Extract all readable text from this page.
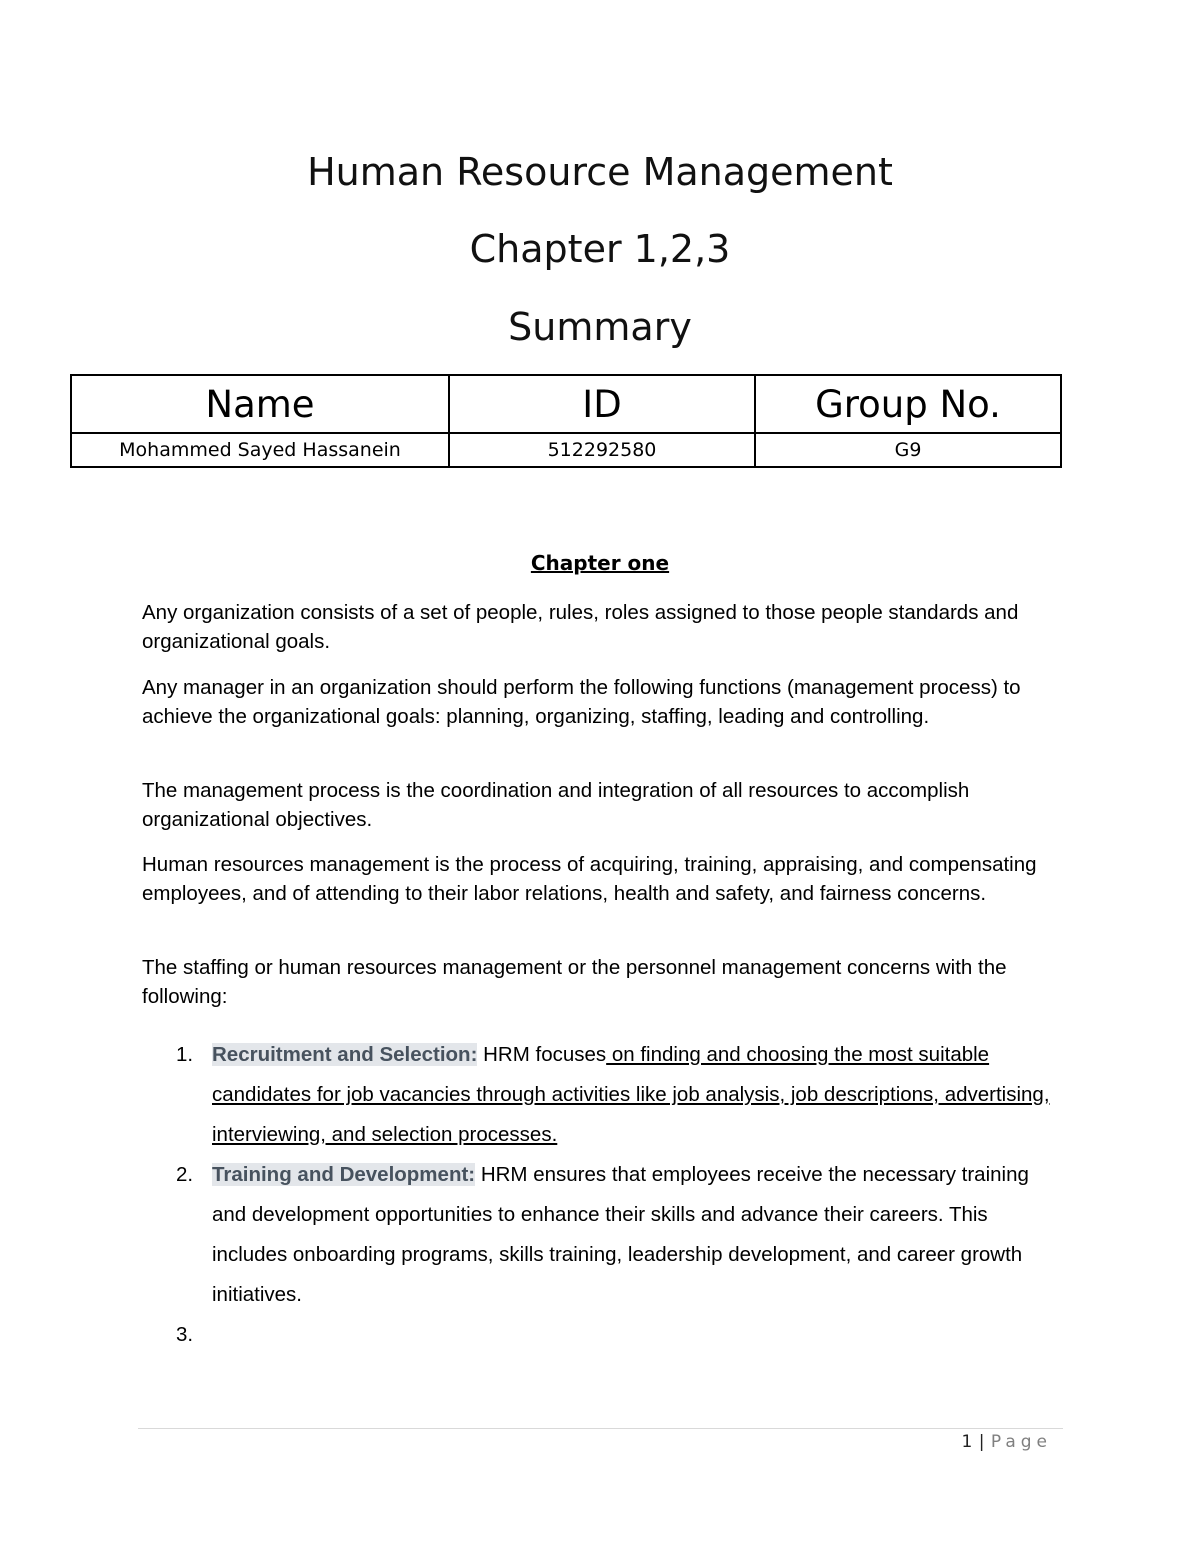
Human Resource Management
Chapter 1,2,3
Summary
Name	ID	Group No.
Mohammed Sayed Hassanein	512292580	G9
Chapter one

Any organization consists of a set of people, rules, roles assigned to those people standards and organizational goals.

Any manager in an organization should perform the following functions (management process) to achieve the organizational goals: planning, organizing, staffing, leading and controlling.

The management process is the coordination and integration of all resources to accomplish organizational objectives.

Human resources management is the process of acquiring, training, appraising, and compensating employees, and of attending to their labor relations, health and safety, and fairness concerns.

The staffing or human resources management or the personnel management concerns with the following:

1. Recruitment and Selection: HRM focuses on finding and choosing the most suitable candidates for job vacancies through activities like job analysis, job descriptions, advertising, interviewing, and selection processes.
2. Training and Development: HRM ensures that employees receive the necessary training and development opportunities to enhance their skills and advance their careers. This includes onboarding programs, skills training, leadership development, and career growth initiatives.
3.

1 | Page
